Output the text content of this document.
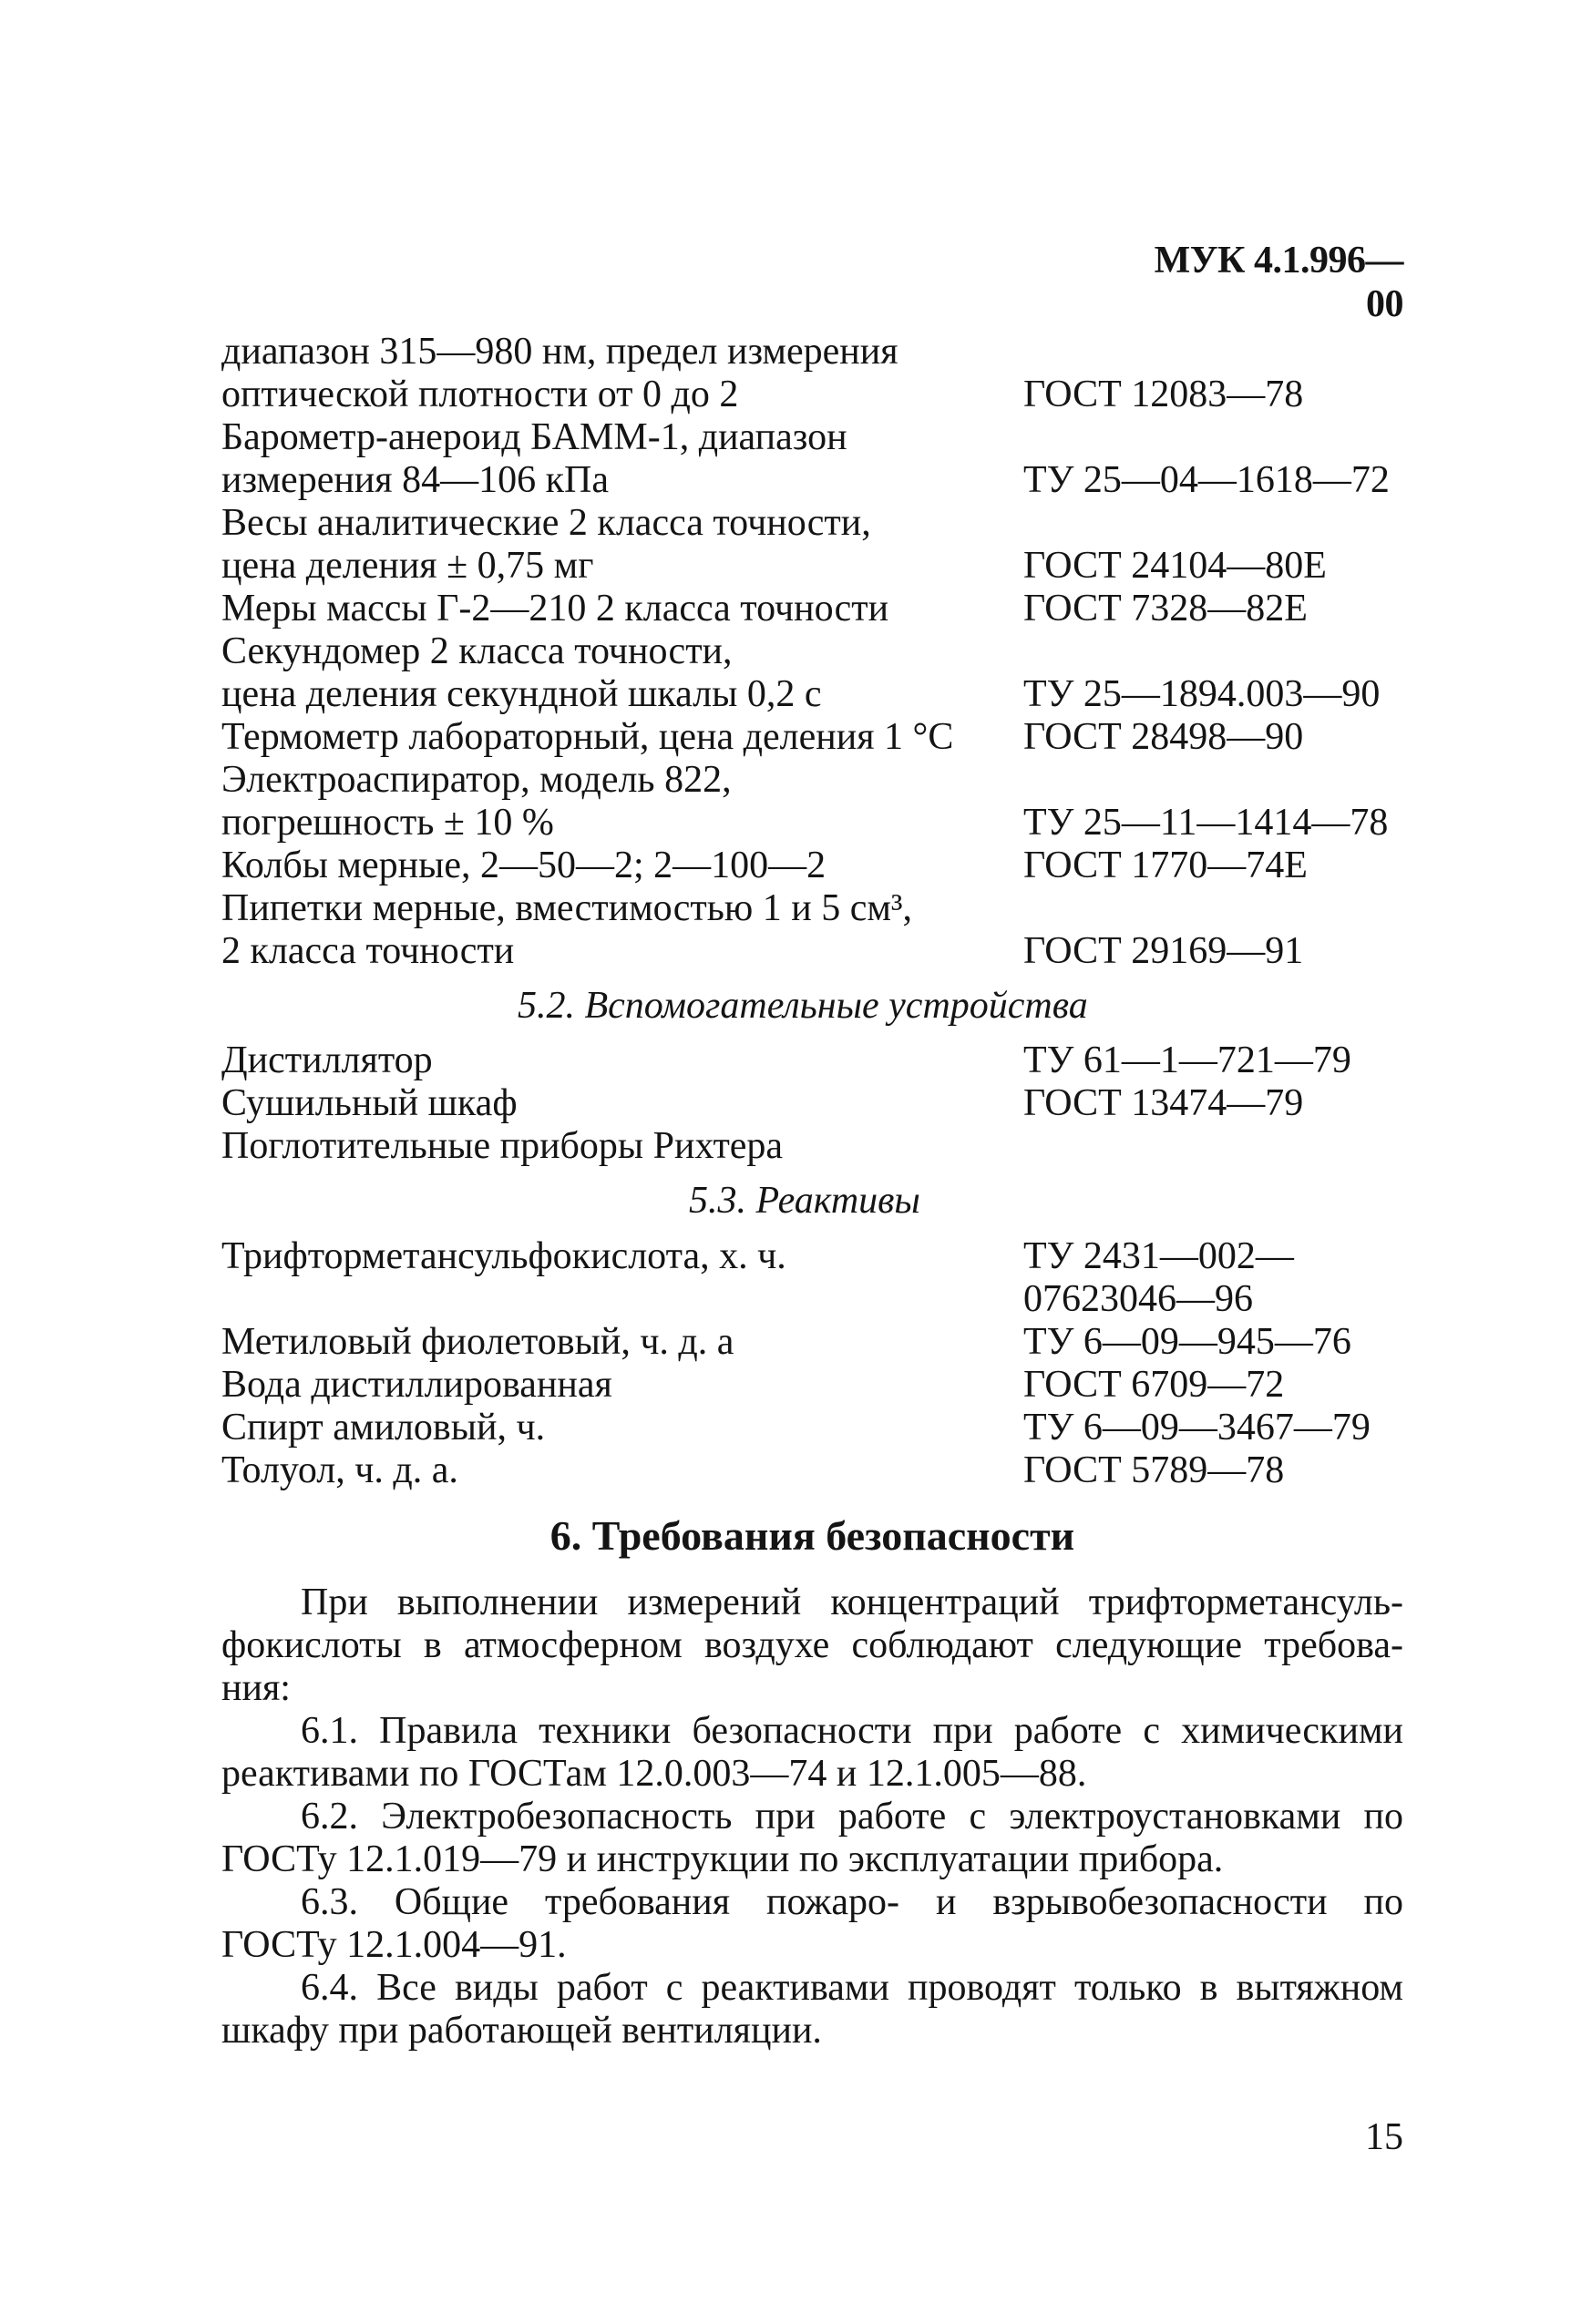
МУК 4.1.996—00
диапазон 315—980 нм, предел измерения
оптической плотности от 0 до 2	ГОСТ 12083—78
Барометр-анероид БАММ-1, диапазон
измерения 84—106 кПа	ТУ 25—04—1618—72
Весы аналитические 2 класса точности,
цена деления ± 0,75 мг	ГОСТ 24104—80Е
Меры массы Г-2—210 2 класса точности	ГОСТ 7328—82Е
Секундомер 2 класса точности,
цена деления секундной шкалы 0,2 с	ТУ 25—1894.003—90
Термометр лабораторный, цена деления 1 °С ГОСТ 28498—90
Электроаспиратор, модель 822,
погрешность ± 10 %	ТУ 25—11—1414—78
Колбы мерные, 2—50—2; 2—100—2	ГОСТ 1770—74Е
Пипетки мерные, вместимостью 1 и 5 см³,
2 класса точности	ГОСТ 29169—91
5.2. Вспомогательные устройства
Дистиллятор	ТУ 61—1—721—79
Сушильный шкаф	ГОСТ 13474—79
Поглотительные приборы Рихтера
5.3. Реактивы
Трифторметансульфокислота, х. ч.	ТУ 2431—002—
07623046—96
Метиловый фиолетовый, ч. д. а	ТУ 6—09—945—76
Вода дистиллированная	ГОСТ 6709—72
Спирт амиловый, ч.	ТУ 6—09—3467—79
Толуол, ч. д. а.	ГОСТ 5789—78
6. Требования безопасности
При выполнении измерений концентраций трифторметансуль-
фокислоты в атмосферном воздухе соблюдают следующие требова-
ния:
6.1. Правила техники безопасности при работе с химическими
реактивами по ГОСТам 12.0.003—74 и 12.1.005—88.
6.2. Электробезопасность при работе с электроустановками по
ГОСТу 12.1.019—79 и инструкции по эксплуатации прибора.
6.3. Общие требования пожаро- и взрывобезопасности по
ГОСТу 12.1.004—91.
6.4. Все виды работ с реактивами проводят только в вытяжном
шкафу при работающей вентиляции.
15
